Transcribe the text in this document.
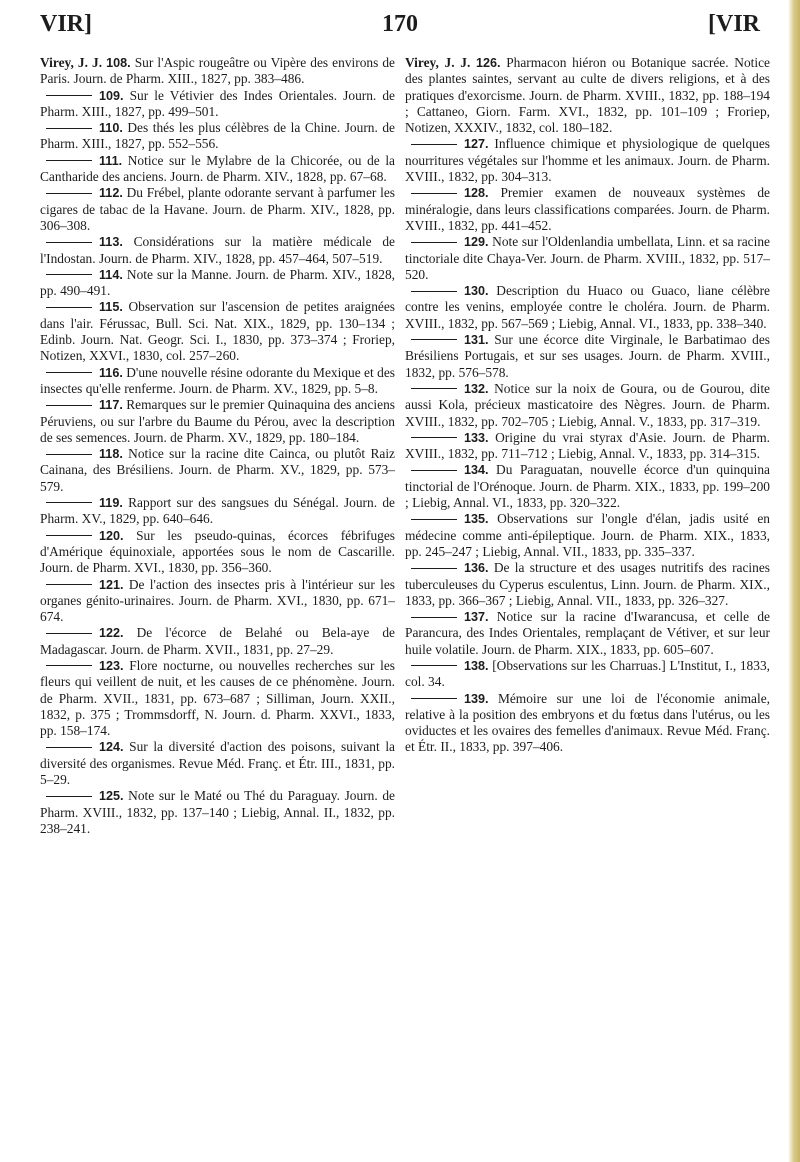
VIR]	170	[VIR
Virey, J. J. 108. Sur l'Aspic rougeâtre ou Vipère des environs de Paris. Journ. de Pharm. XIII., 1827, pp. 383–486.
109. Sur le Vétivier des Indes Orientales. Journ. de Pharm. XIII., 1827, pp. 499–501.
110. Des thés les plus célèbres de la Chine. Journ. de Pharm. XIII., 1827, pp. 552–556.
111. Notice sur le Mylabre de la Chicorée, ou de la Cantharide des anciens. Journ. de Pharm. XIV., 1828, pp. 67–68.
112. Du Frébel, plante odorante servant à parfumer les cigares de tabac de la Havane. Journ. de Pharm. XIV., 1828, pp. 306–308.
113. Considérations sur la matière médicale de l'Indostan. Journ. de Pharm. XIV., 1828, pp. 457–464, 507–519.
114. Note sur la Manne. Journ. de Pharm. XIV., 1828, pp. 490–491.
115. Observation sur l'ascension de petites araignées dans l'air. Férussac, Bull. Sci. Nat. XIX., 1829, pp. 130–134 ; Edinb. Journ. Nat. Geogr. Sci. I., 1830, pp. 373–374 ; Froriep, Notizen, XXVI., 1830, col. 257–260.
116. D'une nouvelle résine odorante du Mexique et des insectes qu'elle renferme. Journ. de Pharm. XV., 1829, pp. 5–8.
117. Remarques sur le premier Quinaquina des anciens Péruviens, ou sur l'arbre du Baume du Pérou, avec la description de ses semences. Journ. de Pharm. XV., 1829, pp. 180–184.
118. Notice sur la racine dite Cainca, ou plutôt Raiz Cainana, des Brésiliens. Journ. de Pharm. XV., 1829, pp. 573–579.
119. Rapport sur des sangsues du Sénégal. Journ. de Pharm. XV., 1829, pp. 640–646.
120. Sur les pseudo-quinas, écorces fébrifuges d'Amérique équinoxiale, apportées sous le nom de Cascarille. Journ. de Pharm. XVI., 1830, pp. 356–360.
121. De l'action des insectes pris à l'intérieur sur les organes génito-urinaires. Journ. de Pharm. XVI., 1830, pp. 671–674.
122. De l'écorce de Belahé ou Bela-aye de Madagascar. Journ. de Pharm. XVII., 1831, pp. 27–29.
123. Flore nocturne, ou nouvelles recherches sur les fleurs qui veillent de nuit, et les causes de ce phénomène. Journ. de Pharm. XVII., 1831, pp. 673–687 ; Silliman, Journ. XXII., 1832, p. 375 ; Trommsdorff, N. Journ. d. Pharm. XXVI., 1833, pp. 158–174.
124. Sur la diversité d'action des poisons, suivant la diversité des organismes. Revue Méd. Franç. et Étr. III., 1831, pp. 5–29.
125. Note sur le Maté ou Thé du Paraguay. Journ. de Pharm. XVIII., 1832, pp. 137–140 ; Liebig, Annal. II., 1832, pp. 238–241.
Virey, J. J. 126. Pharmacon hiéron ou Botanique sacrée. Notice des plantes saintes, servant au culte de divers religions, et à des pratiques d'exorcisme. Journ. de Pharm. XVIII., 1832, pp. 188–194 ; Cattaneo, Giorn. Farm. XVI., 1832, pp. 101–109 ; Froriep, Notizen, XXXIV., 1832, col. 180–182.
127. Influence chimique et physiologique de quelques nourritures végétales sur l'homme et les animaux. Journ. de Pharm. XVIII., 1832, pp. 304–313.
128. Premier examen de nouveaux systèmes de minéralogie, dans leurs classifications comparées. Journ. de Pharm. XVIII., 1832, pp. 441–452.
129. Note sur l'Oldenlandia umbellata, Linn. et sa racine tinctoriale dite Chaya-Ver. Journ. de Pharm. XVIII., 1832, pp. 517–520.
130. Description du Huaco ou Guaco, liane célèbre contre les venins, employée contre le choléra. Journ. de Pharm. XVIII., 1832, pp. 567–569 ; Liebig, Annal. VI., 1833, pp. 338–340.
131. Sur une écorce dite Virginale, le Barbatimao des Brésiliens Portugais, et sur ses usages. Journ. de Pharm. XVIII., 1832, pp. 576–578.
132. Notice sur la noix de Goura, ou de Gourou, dite aussi Kola, précieux masticatoire des Nègres. Journ. de Pharm. XVIII., 1832, pp. 702–705 ; Liebig, Annal. V., 1833, pp. 317–319.
133. Origine du vrai styrax d'Asie. Journ. de Pharm. XVIII., 1832, pp. 711–712 ; Liebig, Annal. V., 1833, pp. 314–315.
134. Du Paraguatan, nouvelle écorce d'un quinquina tinctorial de l'Orénoque. Journ. de Pharm. XIX., 1833, pp. 199–200 ; Liebig, Annal. VI., 1833, pp. 320–322.
135. Observations sur l'ongle d'élan, jadis usité en médecine comme anti-épileptique. Journ. de Pharm. XIX., 1833, pp. 245–247 ; Liebig, Annal. VII., 1833, pp. 335–337.
136. De la structure et des usages nutritifs des racines tuberculeuses du Cyperus esculentus, Linn. Journ. de Pharm. XIX., 1833, pp. 366–367 ; Liebig, Annal. VII., 1833, pp. 326–327.
137. Notice sur la racine d'Iwarancusa, et celle de Parancura, des Indes Orientales, remplaçant de Vétiver, et sur leur huile volatile. Journ. de Pharm. XIX., 1833, pp. 605–607.
138. [Observations sur les Charruas.] L'Institut, I., 1833, col. 34.
139. Mémoire sur une loi de l'économie animale, relative à la position des embryons et du fœtus dans l'utérus, ou les oviductes et les ovaires des femelles d'animaux. Revue Méd. Franç. et Étr. II., 1833, pp. 397–406.
